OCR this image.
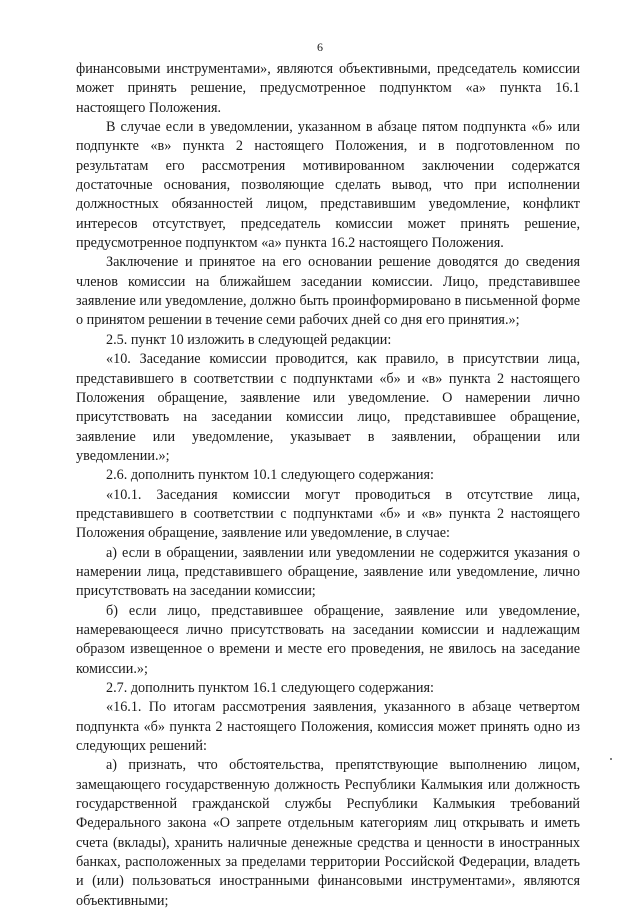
6

финансовыми инструментами», являются объективными, председатель комиссии может принять решение, предусмотренное подпунктом «а» пункта 16.1 настоящего Положения.

В случае если в уведомлении, указанном в абзаце пятом подпункта «б» или подпункте «в» пункта 2 настоящего Положения, и в подготовленном по результатам его рассмотрения мотивированном заключении содержатся достаточные основания, позволяющие сделать вывод, что при исполнении должностных обязанностей лицом, представившим уведомление, конфликт интересов отсутствует, председатель комиссии может принять решение, предусмотренное подпунктом «а» пункта 16.2 настоящего Положения.

Заключение и принятое на его основании решение доводятся до сведения членов комиссии на ближайшем заседании комиссии. Лицо, представившее заявление или уведомление, должно быть проинформировано в письменной форме о принятом решении в течение семи рабочих дней со дня его принятия.»;

2.5. пункт 10 изложить в следующей редакции:

«10. Заседание комиссии проводится, как правило, в присутствии лица, представившего в соответствии с подпунктами «б» и «в» пункта 2 настоящего Положения обращение, заявление или уведомление. О намерении лично присутствовать на заседании комиссии лицо, представившее обращение, заявление или уведомление, указывает в заявлении, обращении или уведомлении.»;

2.6. дополнить пунктом 10.1 следующего содержания:

«10.1. Заседания комиссии могут проводиться в отсутствие лица, представившего в соответствии с подпунктами «б» и «в» пункта 2 настоящего Положения обращение, заявление или уведомление, в случае:

а) если в обращении, заявлении или уведомлении не содержится указания о намерении лица, представившего обращение, заявление или уведомление, лично присутствовать на заседании комиссии;

б) если лицо, представившее обращение, заявление или уведомление, намеревающееся лично присутствовать на заседании комиссии и надлежащим образом извещенное о времени и месте его проведения, не явилось на заседание комиссии.»;

2.7. дополнить пунктом 16.1 следующего содержания:

«16.1. По итогам рассмотрения заявления, указанного в абзаце четвертом подпункта «б» пункта 2 настоящего Положения, комиссия может принять одно из следующих решений:

а) признать, что обстоятельства, препятствующие выполнению лицом, замещающего государственную должность Республики Калмыкия или должность государственной гражданской службы Республики Калмыкия требований Федерального закона «О запрете отдельным категориям лиц открывать и иметь счета (вклады), хранить наличные денежные средства и ценности в иностранных банках, расположенных за пределами территории Российской Федерации, владеть и (или) пользоваться иностранными финансовыми инструментами», являются объективными;
